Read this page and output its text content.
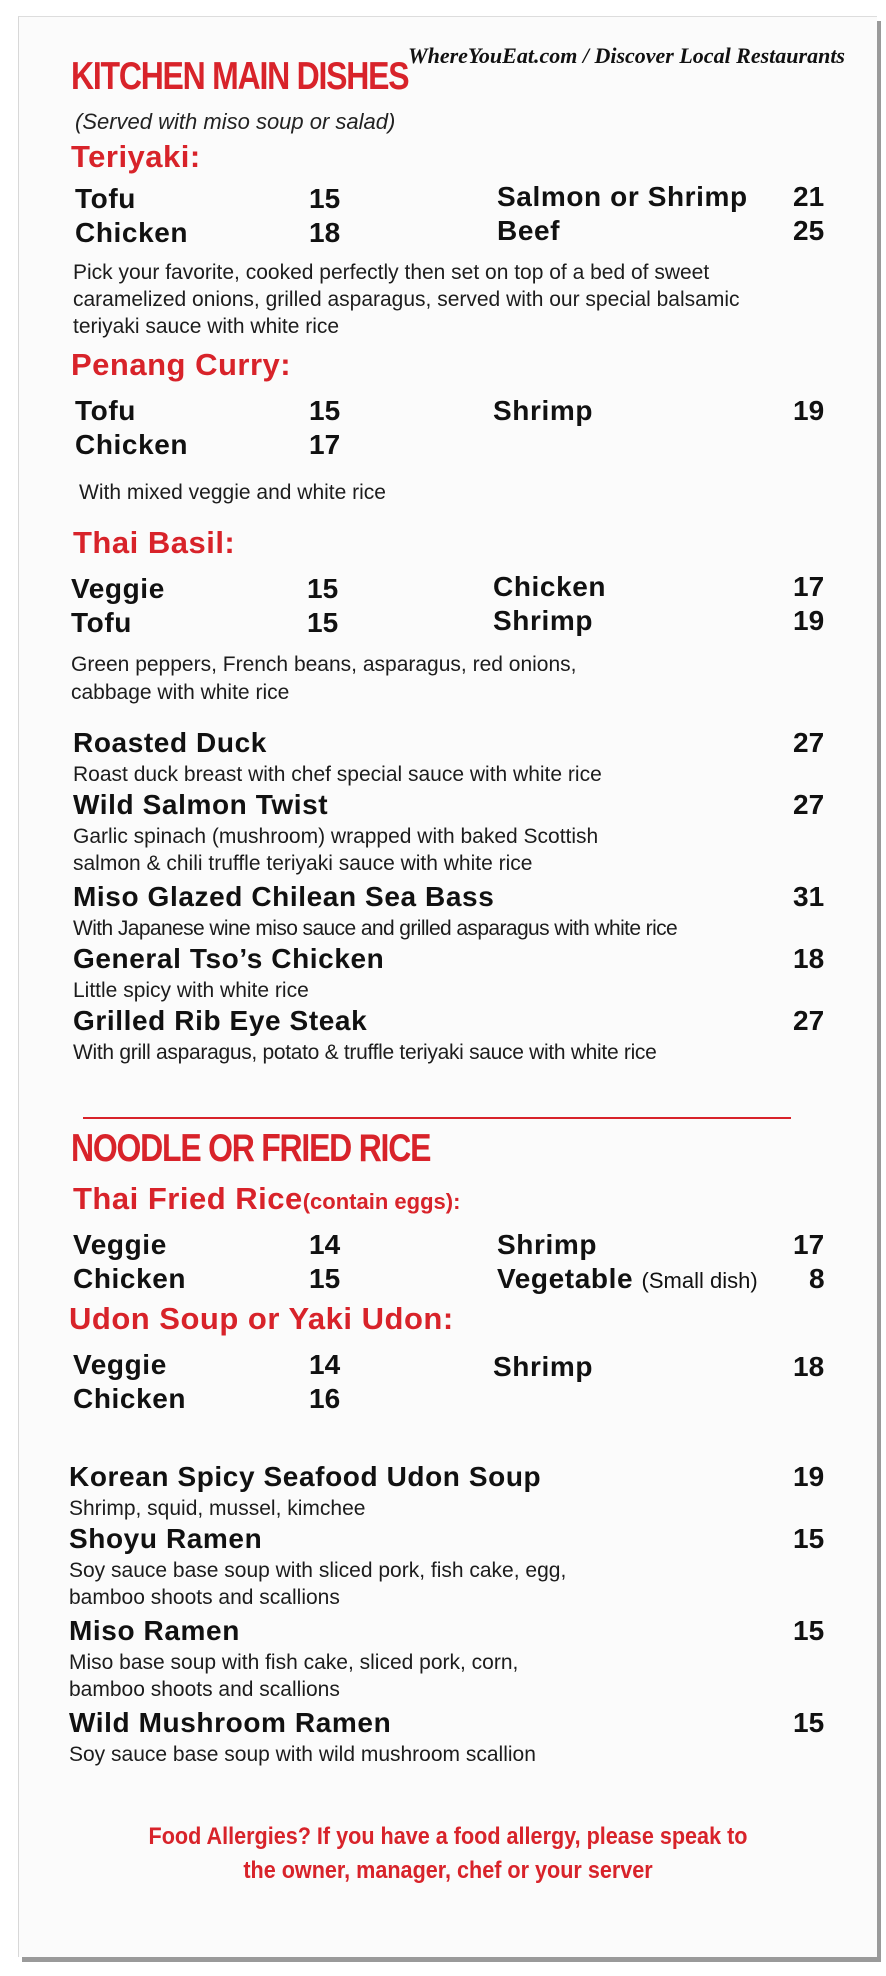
WhereYouEat.com / Discover Local Restaurants
KITCHEN MAIN DISHES
(Served with miso soup or salad)
Teriyaki:
Tofu	15
Chicken	18
Salmon or Shrimp 21
Beef	25
Pick your favorite, cooked perfectly then set on top of a bed of sweet
caramelized onions, grilled asparagus, served with our special balsamic
teriyaki sauce with white rice
Penang Curry:
Tofu	15
Chicken	17
Shrimp	19
With mixed veggie and white rice
Thai Basil:
Veggie	15
Tofu	15
Chicken	17
Shrimp	19
Green peppers, French beans, asparagus, red onions,
cabbage with white rice
Roasted Duck	27
Roast duck breast with chef special sauce with white rice
Wild Salmon Twist	27
Garlic spinach (mushroom) wrapped with baked Scottish
salmon & chili truffle teriyaki sauce with white rice
Miso Glazed Chilean Sea Bass	31
With Japanese wine miso sauce and grilled asparagus with white rice
General Tso’s Chicken	18
Little spicy with white rice
Grilled Rib Eye Steak	27
With grill asparagus, potato & truffle teriyaki sauce with white rice
NOODLE OR FRIED RICE
Thai Fried Rice(contain eggs):
Veggie	14
Chicken	15
Shrimp	17
Vegetable (Small dish) 8
Udon Soup or Yaki Udon:
Veggie	14
Chicken	16
Shrimp	18
Korean Spicy Seafood Udon Soup	19
Shrimp, squid, mussel, kimchee
Shoyu Ramen	15
Soy sauce base soup with sliced pork, fish cake, egg,
bamboo shoots and scallions
Miso Ramen	15
Miso base soup with fish cake, sliced pork, corn,
bamboo shoots and scallions
Wild Mushroom Ramen	15
Soy sauce base soup with wild mushroom scallion
Food Allergies? If you have a food allergy, please speak to
the owner, manager, chef or your server
